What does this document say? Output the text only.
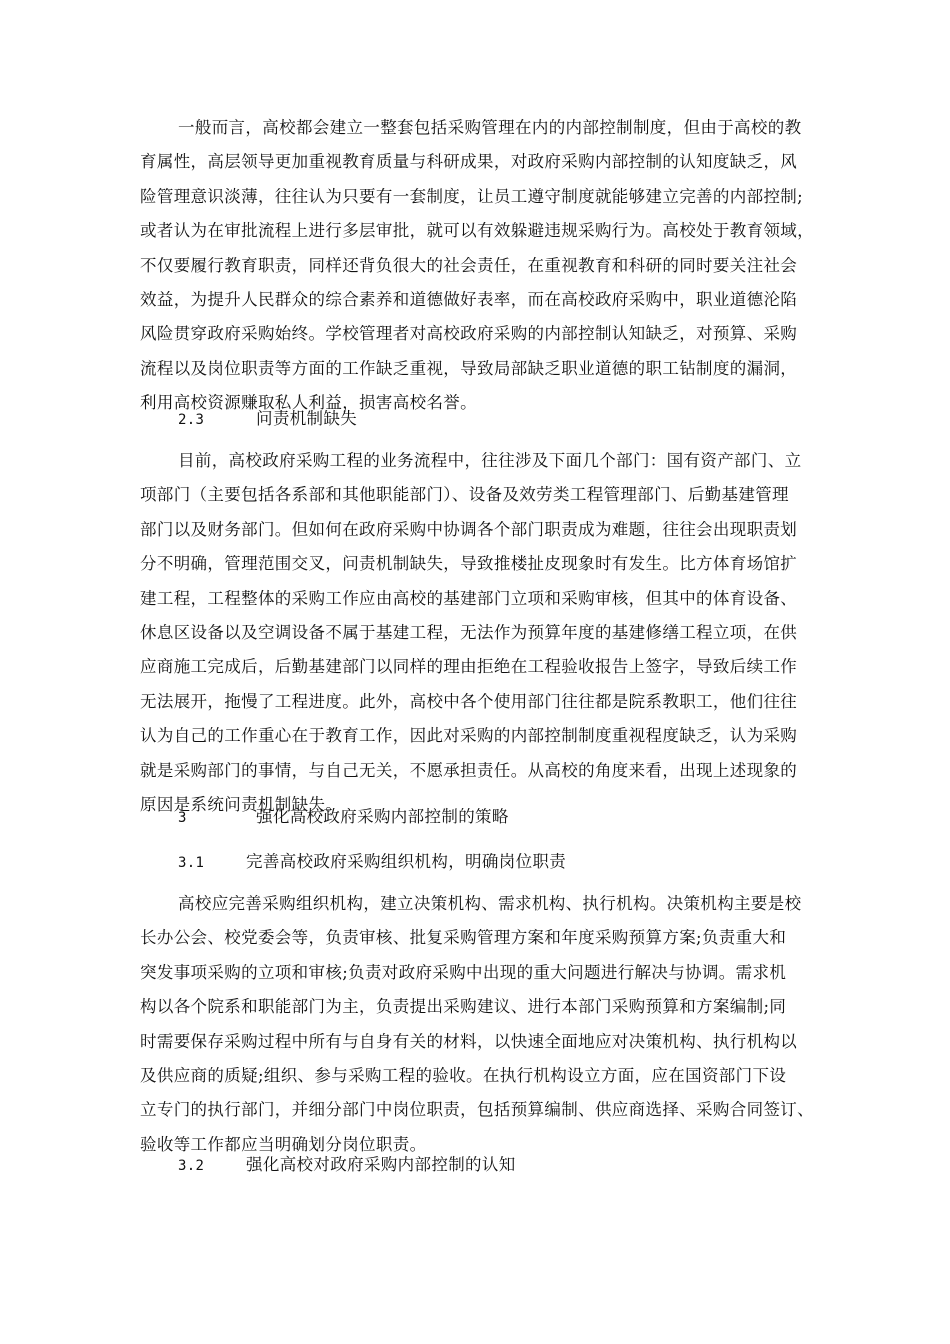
一般而言，高校都会建立一整套包括采购管理在内的内部控制制度，但由于高校的教
育属性，高层领导更加重视教育质量与科研成果，对政府采购内部控制的认知度缺乏，风
险管理意识淡薄，往往认为只要有一套制度，让员工遵守制度就能够建立完善的内部控制;
或者认为在审批流程上进行多层审批，就可以有效躲避违规采购行为。高校处于教育领域，
不仅要履行教育职责，同样还背负很大的社会责任，在重视教育和科研的同时要关注社会
效益，为提升人民群众的综合素养和道德做好表率，而在高校政府采购中，职业道德沦陷
风险贯穿政府采购始终。学校管理者对高校政府采购的内部控制认知缺乏，对预算、采购
流程以及岗位职责等方面的工作缺乏重视，导致局部缺乏职业道德的职工钻制度的漏洞，
利用高校资源赚取私人利益，损害高校名誉。

2.3	问责机制缺失

目前，高校政府采购工程的业务流程中，往往涉及下面几个部门：国有资产部门、立
项部门（主要包括各系部和其他职能部门）、设备及效劳类工程管理部门、后勤基建管理
部门以及财务部门。但如何在政府采购中协调各个部门职责成为难题，往往会出现职责划
分不明确，管理范围交叉，问责机制缺失，导致推楼扯皮现象时有发生。比方体育场馆扩
建工程，工程整体的采购工作应由高校的基建部门立项和采购审核，但其中的体育设备、
休息区设备以及空调设备不属于基建工程，无法作为预算年度的基建修缮工程立项，在供
应商施工完成后，后勤基建部门以同样的理由拒绝在工程验收报告上签字，导致后续工作
无法展开，拖慢了工程进度。此外，高校中各个使用部门往往都是院系教职工，他们往往
认为自己的工作重心在于教育工作，因此对采购的内部控制制度重视程度缺乏，认为采购
就是采购部门的事情，与自己无关，不愿承担责任。从高校的角度来看，出现上述现象的
原因是系统问责机制缺失。

3	强化高校政府采购内部控制的策略
3.1	完善高校政府采购组织机构，明确岗位职责

高校应完善采购组织机构，建立决策机构、需求机构、执行机构。决策机构主要是校
长办公会、校党委会等，负责审核、批复采购管理方案和年度采购预算方案;负责重大和
突发事项采购的立项和审核;负责对政府采购中出现的重大问题进行解决与协调。需求机
构以各个院系和职能部门为主，负责提出采购建议、进行本部门采购预算和方案编制;同
时需要保存采购过程中所有与自身有关的材料，以快速全面地应对决策机构、执行机构以
及供应商的质疑;组织、参与采购工程的验收。在执行机构设立方面，应在国资部门下设
立专门的执行部门，并细分部门中岗位职责，包括预算编制、供应商选择、采购合同签订、
验收等工作都应当明确划分岗位职责。

3.2	强化高校对政府采购内部控制的认知
